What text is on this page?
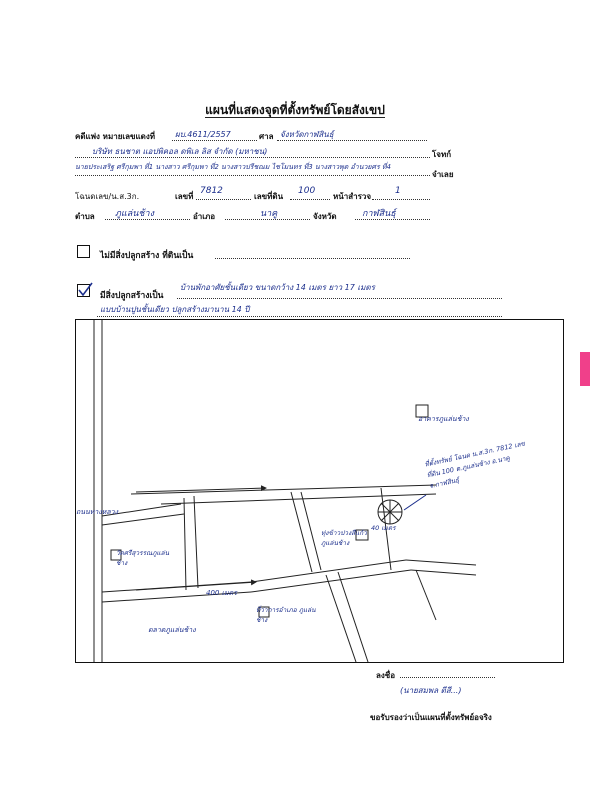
แผนที่แสดงจุดที่ตั้งทรัพย์โดยสังเขป
คดีแพ่ง หมายเลขแดงที่ ผบ.4611/2557	ศาล จังหวัดกาฬสินธุ์
บริษัท ธนชาต แอปพิคอล ดพิเล ลิส จำกัด (มหาชน)	โจทก์
นายประเสริฐ ศรีกุมพา ที่1 นางสาว ศรีกุมพา ที่2 นางสาวปรีชณม ไชโมนทร ที่3 นางสาวพุด อำนวยศร ที่4
จำเลย
โฉนดเลข/น.ส.3ก.	เลขที่
7812
เลขที่ดิน
100
หน้าสำรวจ
1
ตำบล ภูแล่นช้าง	อำเภอ	นาคู	จังหวัด	กาฬสินธุ์
ไม่มีสิ่งปลูกสร้าง ที่ดินเป็น
มีสิ่งปลูกสร้างเป็น
บ้านพักอาศัยชั้นเดียว ขนาดกว้าง 14 เมตร ยาว 17 เมตร
แบบบ้านปูนชั้นเดียว ปลูกสร้างมานาน 14 ปี
อาคารภูแล่นช้าง
ถนนทางหลวง
วัดศรีสุวรรณภูแล่นช้าง
400 เมตร
ทุ่งข้าวปวงสีแก้ว ภูแล่นช้าง
ตลาดภูแล่นช้าง
ที่ว่าการอำเภอ ภูแล่นช้าง
40 เมตร
ที่ตั้งทรัพย์ โฉนด น.ส.3ก. 7812 เลขที่ดิน 100 ต.ภูแล่นช้าง อ.นาคู จ.กาฬสินธุ์
ลงชื่อ
(นายสมพล ตีสี...)
ขอรับรองว่าเป็นแผนที่ตั้งทรัพย์อจริง
